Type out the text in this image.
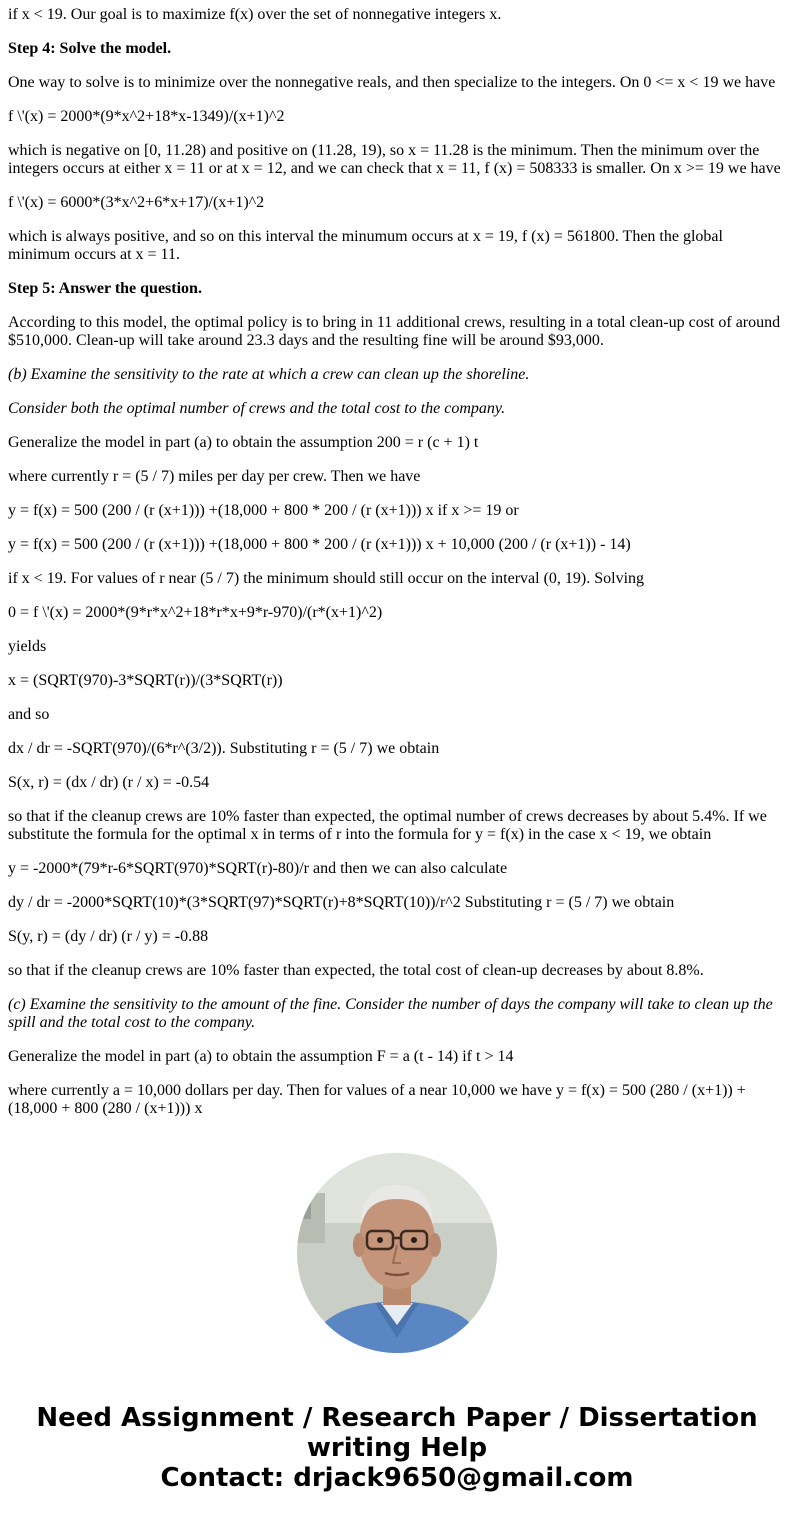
if x < 19. Our goal is to maximize f(x) over the set of nonnegative integers x.

Step 4: Solve the model.

One way to solve is to minimize over the nonnegative reals, and then specialize to the integers. On 0 <= x < 19 we have

f \'(x) = 2000*(9*x^2+18*x-1349)/(x+1)^2

which is negative on [0, 11.28) and positive on (11.28, 19), so x = 11.28 is the minimum. Then the minimum over the integers occurs at either x = 11 or at x = 12, and we can check that x = 11, f (x) = 508333 is smaller. On x >= 19 we have

f \'(x) = 6000*(3*x^2+6*x+17)/(x+1)^2

which is always positive, and so on this interval the minumum occurs at x = 19, f (x) = 561800. Then the global minimum occurs at x = 11.

Step 5: Answer the question.

According to this model, the optimal policy is to bring in 11 additional crews, resulting in a total clean-up cost of around $510,000. Clean-up will take around 23.3 days and the resulting fine will be around $93,000.

(b) Examine the sensitivity to the rate at which a crew can clean up the shoreline.

Consider both the optimal number of crews and the total cost to the company.

Generalize the model in part (a) to obtain the assumption 200 = r (c + 1) t

where currently r = (5 / 7) miles per day per crew. Then we have

y = f(x) = 500 (200 / (r (x+1))) +(18,000 + 800 * 200 / (r (x+1))) x if x >= 19 or

y = f(x) = 500 (200 / (r (x+1))) +(18,000 + 800 * 200 / (r (x+1))) x + 10,000 (200 / (r (x+1)) - 14)

if x < 19. For values of r near (5 / 7) the minimum should still occur on the interval (0, 19). Solving

0 = f \'(x) = 2000*(9*r*x^2+18*r*x+9*r-970)/(r*(x+1)^2)

yields

x = (SQRT(970)-3*SQRT(r))/(3*SQRT(r))

and so

dx / dr = -SQRT(970)/(6*r^(3/2)). Substituting r = (5 / 7) we obtain

S(x, r) = (dx / dr) (r / x) = -0.54

so that if the cleanup crews are 10% faster than expected, the optimal number of crews decreases by about 5.4%. If we substitute the formula for the optimal x in terms of r into the formula for y = f(x) in the case x < 19, we obtain

y = -2000*(79*r-6*SQRT(970)*SQRT(r)-80)/r and then we can also calculate

dy / dr = -2000*SQRT(10)*(3*SQRT(97)*SQRT(r)+8*SQRT(10))/r^2 Substituting r = (5 / 7) we obtain

S(y, r) = (dy / dr) (r / y) = -0.88

so that if the cleanup crews are 10% faster than expected, the total cost of clean-up decreases by about 8.8%.

(c) Examine the sensitivity to the amount of the fine. Consider the number of days the company will take to clean up the spill and the total cost to the company.

Generalize the model in part (a) to obtain the assumption F = a (t - 14) if t > 14

where currently a = 10,000 dollars per day. Then for values of a near 10,000 we have y = f(x) = 500 (280 / (x+1)) + (18,000 + 800 (280 / (x+1))) x

Need Assignment / Research Paper / Dissertation
writing Help
Contact: drjack9650@gmail.com
